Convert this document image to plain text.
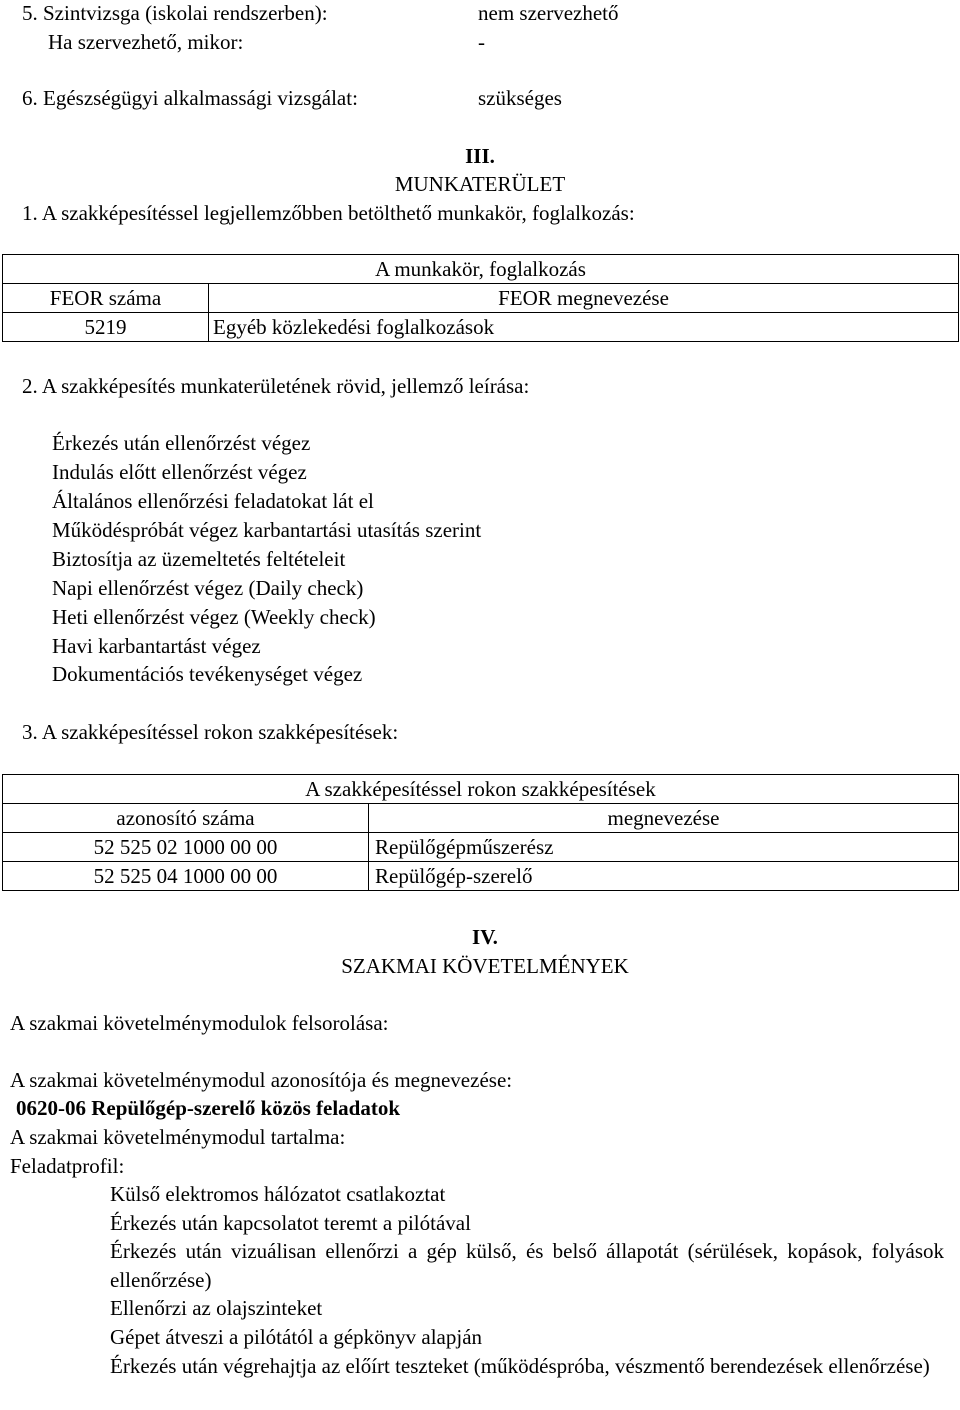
5. Szintvizsga (iskolai rendszerben):	nem szervezhető
Ha szervezhető, mikor:	-
6. Egészségügyi alkalmassági vizsgálat:	szükséges
III.
MUNKATERÜLET
1. A szakképesítéssel legjellemzőbben betölthető munkakör, foglalkozás:
A munkakör, foglalkozás	
FEOR száma	FEOR megnevezése
5219	Egyéb közlekedési foglalkozások
2. A szakképesítés munkaterületének rövid, jellemző leírása:
Érkezés után ellenőrzést végez
Indulás előtt ellenőrzést végez
Általános ellenőrzési feladatokat lát el
Működéspróbát végez karbantartási utasítás szerint
Biztosítja az üzemeltetés feltételeit
Napi ellenőrzést végez (Daily check)
Heti ellenőrzést végez (Weekly check)
Havi karbantartást végez
Dokumentációs tevékenységet végez
3. A szakképesítéssel rokon szakképesítések:
A szakképesítéssel rokon szakképesítések	
azonosító száma	megnevezése
52 525 02 1000 00 00	Repülőgépműszerész
52 525 04 1000 00 00	Repülőgép-szerelő
IV.
SZAKMAI KÖVETELMÉNYEK
A szakmai követelménymodulok felsorolása:
A szakmai követelménymodul azonosítója és megnevezése:
0620-06 Repülőgép-szerelő közös feladatok
A szakmai követelménymodul tartalma:
Feladatprofil:
Külső elektromos hálózatot csatlakoztat
Érkezés után kapcsolatot teremt a pilótával
Érkezés után vizuálisan ellenőrzi a gép külső, és belső állapotát (sérülések, kopások, folyások ellenőrzése)
Ellenőrzi az olajszinteket
Gépet átveszi a pilótától a gépkönyv alapján
Érkezés után végrehajtja az előírt teszteket (működéspróba, vészmentő berendezések ellenőrzése)
